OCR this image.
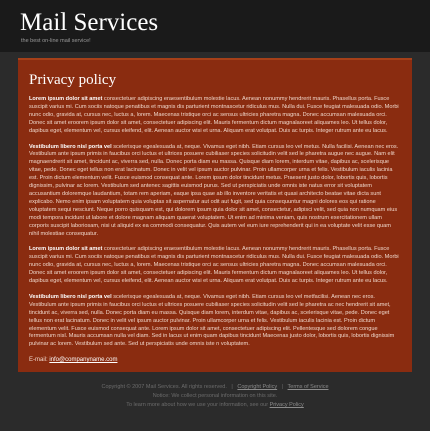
Mail Services
the best on-line mail service!
Privacy policy

Lorem ipsum dolor sit amet consectetuer adipiscing eraesentibulum molestie lacus. Aenean nonummy hendrerit mauris. Phasellus porta. Fusce suscipit varius mi. Cum sociis natoque penatibus et magnis dis parturient montnascetur ridiculus mus. Nulla dui. Fusce feugiat malesuada odio. Morbi nunc odio, gravida at, cursus nec, luctus a, lorem. Maecenas tristique orci ac sensus ultricies pharetra magna. Donec accumsan malesuada orci. Donec sit amet eroorem ipsum dolor sit amet, consectetuer adipiscing elit. Mauris fermentum dictum magnalaoreet aliquames leo. Ut tellus dolor, dapibus eget, elementum vel, cursus eleifend, elit. Aenean auctor wisi et urna. Aliquam erat volutpat. Duis ac turpis. Integer rutrum ante eu lacus.

Vestibulum libero nisl porta vel scelerisque egealesuada at, neque. Vivamus eget nibh. Etiam cursus leo vel metus. Nulla facilisi. Aenean nec eros. Vestibulum ante ipsum primis in faucibus orci luctus et ultrices posuere cubiliaser species solicitudin velit sed le pharetra augue nec augue. Nam elit magnaendrerit sit amet, tincidunt ac, viverra sed, nulla. Donec porta diam eu massa. Quisque diam lorem, interdum vitae, dapibus ac, scelerisque vitae, pede. Donec eget tellus non erat lacinatum. Donec in velit vel ipsum auctor pulvinar. Proin ullamcorper urna et felis. Vestibulum iaculis lacinia est. Proin dictum elementum velit. Fusce euismod consequat ante. Lorem ipsum dolor tincidunt metus. Praesent justo dolor, lobortis quis, lobortis dignissim, pulvinar ac lorem. Vestibulum sed antenec sagittis euismod purus. Sed ut perspiciatis unde omnis iste natus error sit voluptatem accusantium doloremque laudantium, totam rem aperiam, eaque ipsa quae ab illo inventore veritatis et quasi architecto beatae vitae dicta sunt explicabo. Nemo enim ipsam voluptatem quia voluptas sit aspernatur aut odit aut fugit, sed quia consequuntur magni dolores eos qui ratione voluptatem sequi nesciunt. Neque porro quisquam est, qui dolorem ipsum quia dolor sit amet, consectetur, adipisci velit, sed quia non numquam eius modi tempora incidunt ut labore et dolore magnam aliquam quaerat voluptatem. Ut enim ad minima veniam, quis nostrum exercitationem ullam corporis suscipit laboriosam, nisi ut aliquid ex ea commodi consequatur. Quis autem vel eum iure reprehenderit qui in ea voluptate velit esse quam nihil molestiae consequatur.

Lorem ipsum dolor sit amet consectetuer adipiscing eraesentibulum molestie lacus. Aenean nonummy hendrerit mauris. Phasellus porta. Fusce suscipit varius mi. Cum sociis natoque penatibus et magnis dis parturient montnascetur ridiculus mus. Nulla dui. Fusce feugiat malesuada odio. Morbi nunc odio, gravida at, cursus nec, luctus a, lorem. Maecenas tristique orci ac sensus ultricies pharetra magna. Donec accumsan malesuada orci. Donec sit amet eroorem ipsum dolor sit amet, consectetuer adipiscing elit. Mauris fermentum dictum magnalaoreet aliquames leo. Ut tellus dolor, dapibus eget, elementum vel, cursus eleifend, elit. Aenean auctor wisi et urna. Aliquam erat volutpat. Duis ac turpis. Integer rutrum ante eu lacus.

Vestibulum libero nisl porta vel scelerisque egealesuada at, neque. Vivamus eget nibh. Etiam cursus leo vel metfacilisi. Aenean nec eros. Vestibulum ante ipsum primis in faucibus orci luctus et ultrices posuere cubiliaser species solicitudin velit sed le pharetra ac nec hendrerit sit amet, tincidunt ac, viverra sed, nulla. Donec porta diam eu massa. Quisque diam lorem, interdum vitae, dapibus ac, scelerisque vitae, pede. Donec eget tellus non erat lacinatum. Donec in velit vel ipsum auctor pulvinar. Proin ullamcorper urna et felis. Vestibulum iaculis lacinia est. Proin dictum elementum velit. Fusce euismod consequat ante. Lorem ipsum dolor sit amet, consectetuer adipiscing elit. Pellentesque sed dolorem congue fermentum nisl. Mauris accumsan nulla vel diam. Sed in lacus ut enim quam dapibus tincidunt Maecenas justo dolor, lobortis quis, lobortis dignissim pulvinar ac lorem. Vestibulum sed ante. Sed ut perspiciatis unde omnis iste n voluptatem.

E-mail: info@companyname.com
Copyright © 2007 Mail Services. All rights reserved. | Copyright Policy | Terms of Service
Notice: We collect personal information on this site.
To learn more about how we use your information, see our Privacy Policy
